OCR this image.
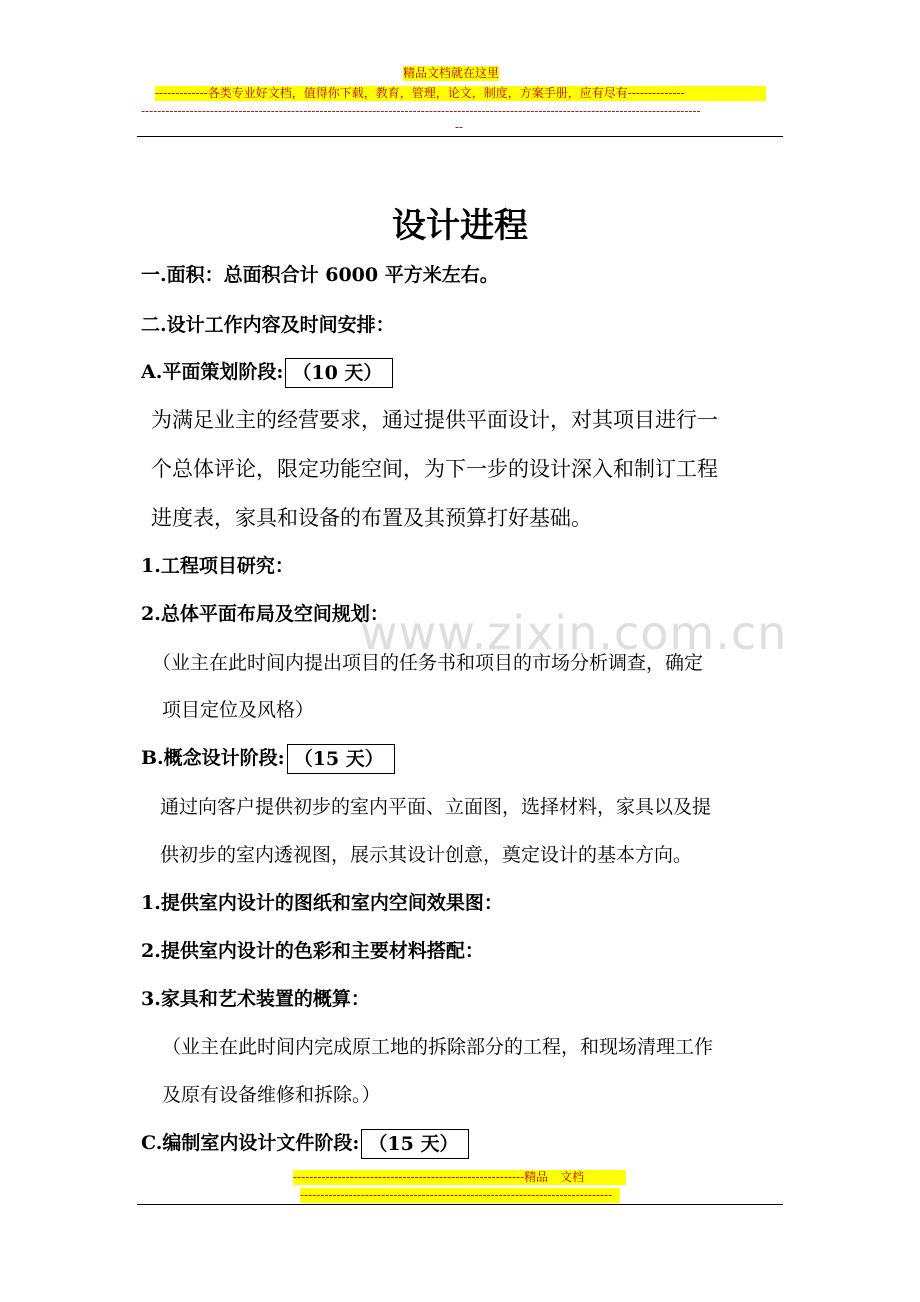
精品文档就在这里
-------------各类专业好文档，值得你下载，教育，管理，论文，制度，方案手册，应有尽有--------------
------------------------------------------------------------------------------------------------------------------------------------------
--
设计进程
一.面积：总面积合计 6000 平方米左右。
二.设计工作内容及时间安排：
A.平面策划阶段: （10 天）
为满足业主的经营要求，通过提供平面设计，对其项目进行一
个总体评论，限定功能空间，为下一步的设计深入和制订工程
进度表，家具和设备的布置及其预算打好基础。
1.工程项目研究：
2.总体平面布局及空间规划：
（业主在此时间内提出项目的任务书和项目的市场分析调查，确定
项目定位及风格）
B.概念设计阶段: （15 天）
通过向客户提供初步的室内平面、立面图，选择材料，家具以及提
供初步的室内透视图，展示其设计创意，奠定设计的基本方向。
1.提供室内设计的图纸和室内空间效果图：
2.提供室内设计的色彩和主要材料搭配：
3.家具和艺术装置的概算：
（业主在此时间内完成原工地的拆除部分的工程，和现场清理工作
及原有设备维修和拆除。）
C.编制室内设计文件阶段: （15 天）
www.zixin.com.cn
---------------------------------------------------------精品　文档
-----------------------------------------------------------------------------
